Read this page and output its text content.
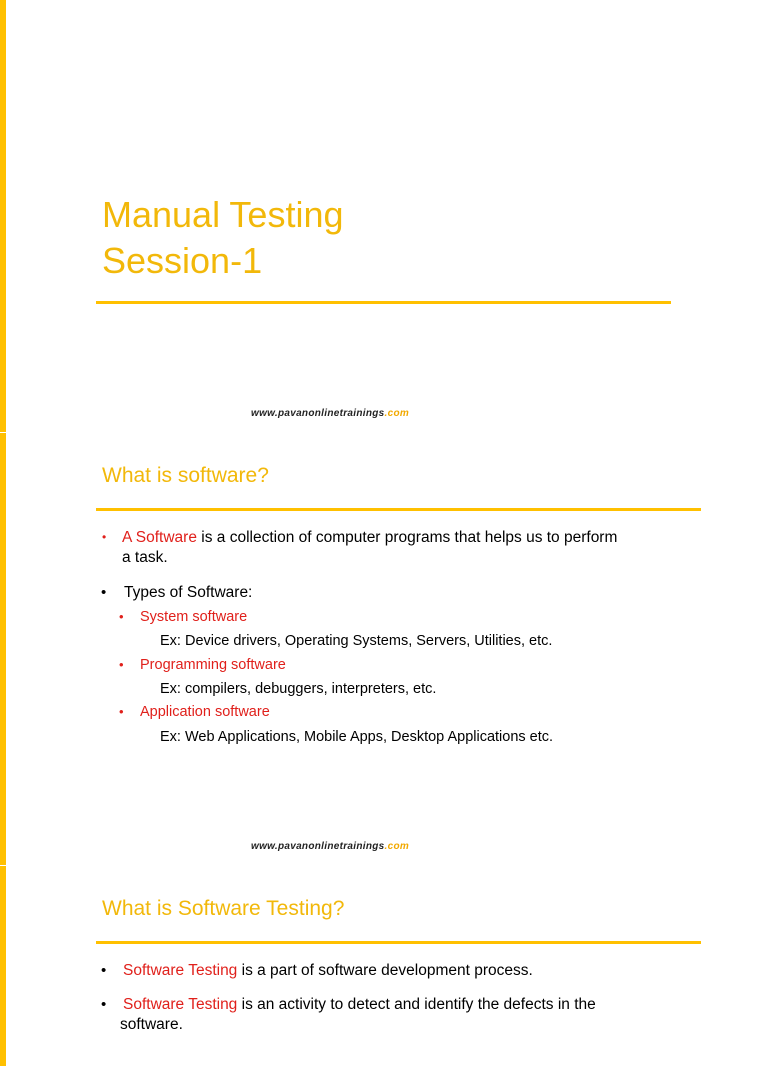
Manual Testing
Session-1
www.pavanonlinetrainings.com
What is software?
• A Software is a collection of computer programs that helps us to perform
a task.
• Types of Software:
• System software
Ex: Device drivers, Operating Systems, Servers, Utilities, etc.
• Programming software
Ex: compilers, debuggers, interpreters, etc.
• Application software
Ex: Web Applications, Mobile Apps, Desktop Applications etc.
www.pavanonlinetrainings.com
What is Software Testing?
• Software Testing is a part of software development process.
• Software Testing is an activity to detect and identify the defects in the
software.
